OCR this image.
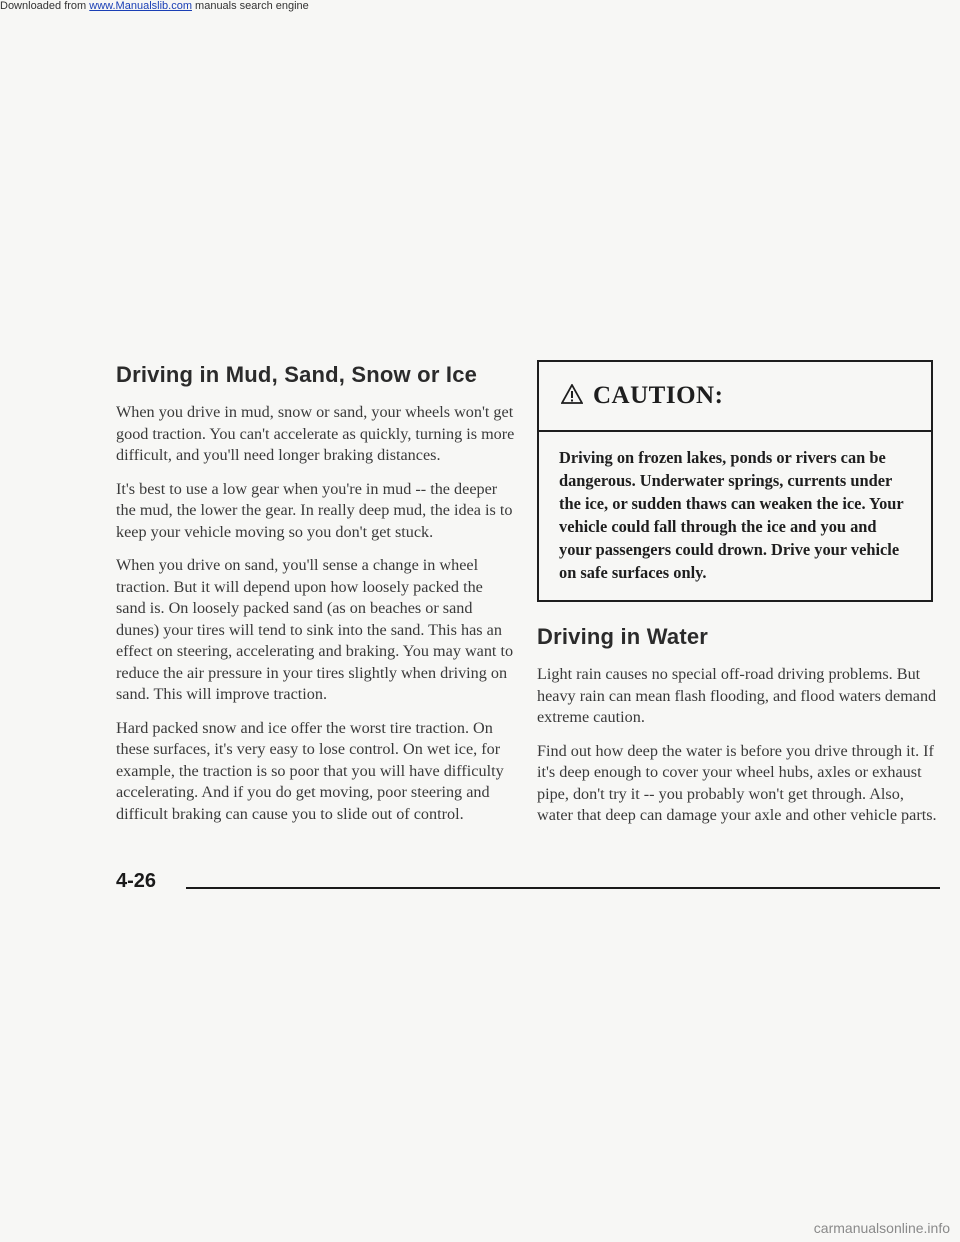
Downloaded from www.Manualslib.com manuals search engine
Driving in Mud, Sand, Snow or Ice

When you drive in mud, snow or sand, your wheels won't get good traction. You can't accelerate as quickly, turning is more difficult, and you'll need longer braking distances.

It's best to use a low gear when you're in mud -- the deeper the mud, the lower the gear. In really deep mud, the idea is to keep your vehicle moving so you don't get stuck.

When you drive on sand, you'll sense a change in wheel traction. But it will depend upon how loosely packed the sand is. On loosely packed sand (as on beaches or sand dunes) your tires will tend to sink into the sand. This has an effect on steering, accelerating and braking. You may want to reduce the air pressure in your tires slightly when driving on sand. This will improve traction.

Hard packed snow and ice offer the worst tire traction. On these surfaces, it's very easy to lose control. On wet ice, for example, the traction is so poor that you will have difficulty accelerating. And if you do get moving, poor steering and difficult braking can cause you to slide out of control.

CAUTION:
Driving on frozen lakes, ponds or rivers can be dangerous. Underwater springs, currents under the ice, or sudden thaws can weaken the ice. Your vehicle could fall through the ice and you and your passengers could drown. Drive your vehicle on safe surfaces only.
Driving in Water

Light rain causes no special off-road driving problems. But heavy rain can mean flash flooding, and flood waters demand extreme caution.

Find out how deep the water is before you drive through it. If it's deep enough to cover your wheel hubs, axles or exhaust pipe, don't try it -- you probably won't get through. Also, water that deep can damage your axle and other vehicle parts.

4-26
carmanualsonline.info
